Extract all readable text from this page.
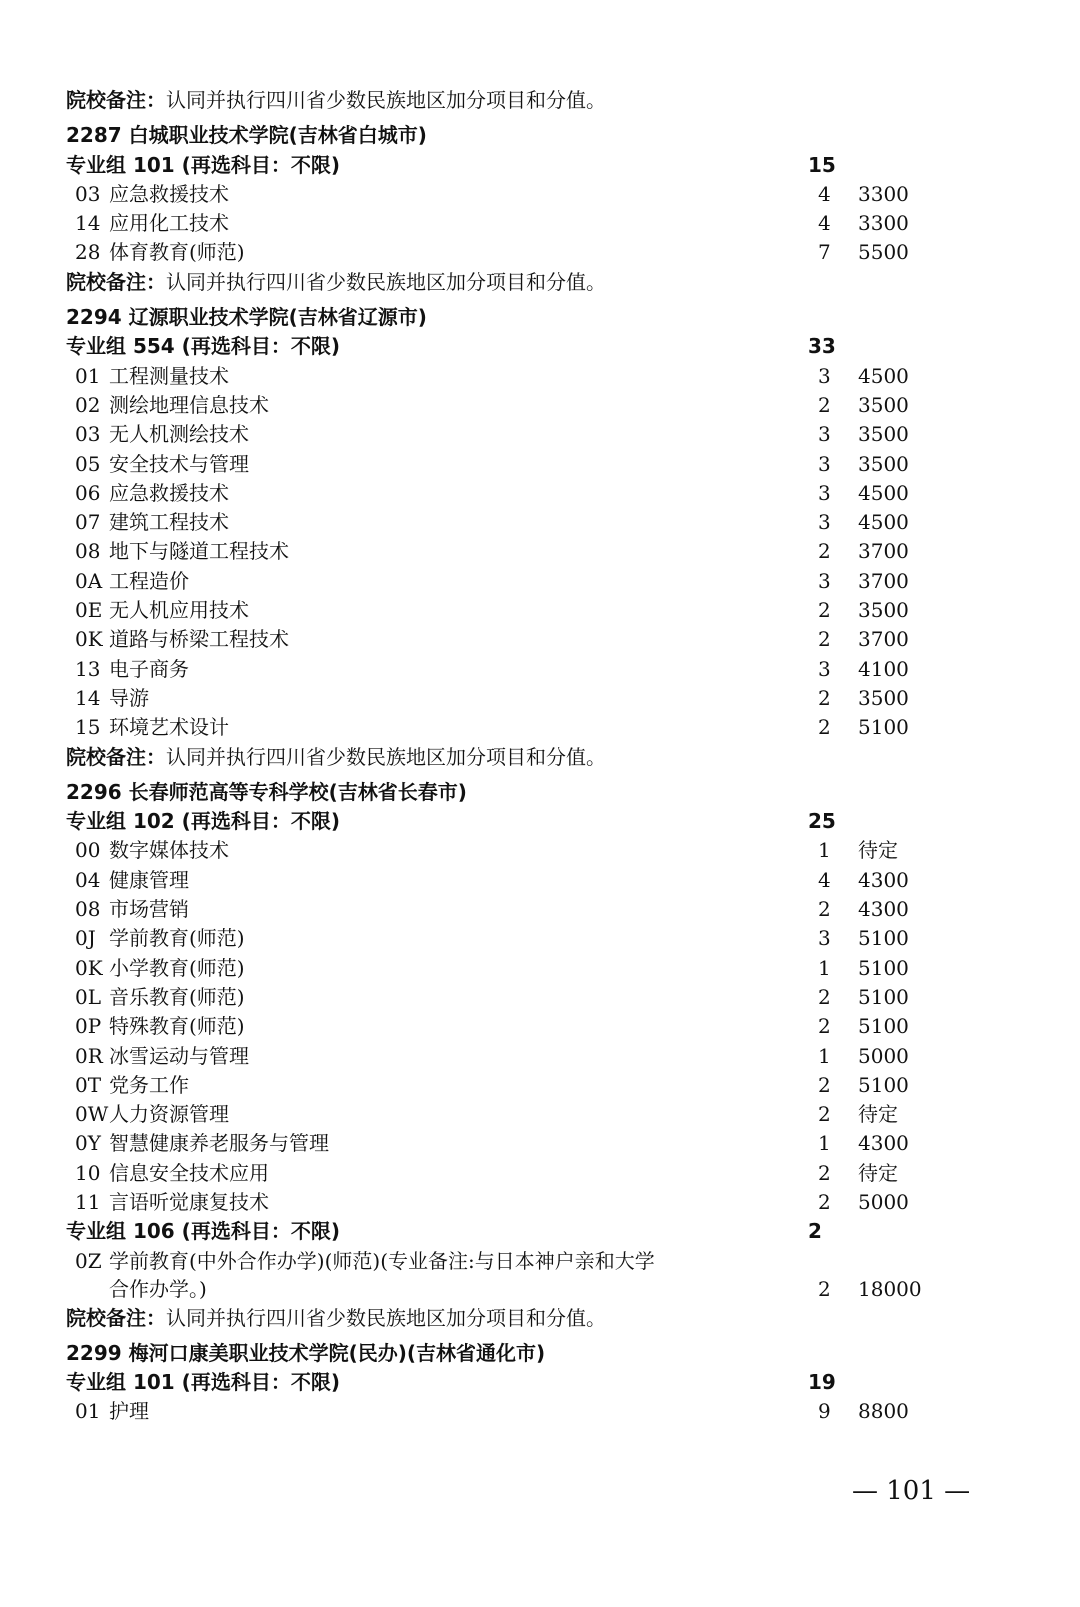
院校备注：认同并执行四川省少数民族地区加分项目和分值。
2287 白城职业技术学院(吉林省白城市)
专业组 101 (再选科目：不限)	15
03 应急救援技术	4 3300
14 应用化工技术	4 3300
28 体育教育(师范)	7 5500
院校备注：认同并执行四川省少数民族地区加分项目和分值。
2294 辽源职业技术学院(吉林省辽源市)
专业组 554 (再选科目：不限)	33
01 工程测量技术	3 4500
02 测绘地理信息技术	2 3500
03 无人机测绘技术	3 3500
05 安全技术与管理	3 3500
06 应急救援技术	3 4500
07 建筑工程技术	3 4500
08 地下与隧道工程技术	2 3700
0A 工程造价	3 3700
0E 无人机应用技术	2 3500
0K 道路与桥梁工程技术	2 3700
13 电子商务	3 4100
14 导游	2 3500
15 环境艺术设计	2 5100
院校备注：认同并执行四川省少数民族地区加分项目和分值。
2296 长春师范高等专科学校(吉林省长春市)
专业组 102 (再选科目：不限)	25
00 数字媒体技术	1 待定
04 健康管理	4 4300
08 市场营销	2 4300
0J 学前教育(师范)	3 5100
0K 小学教育(师范)	1 5100
0L 音乐教育(师范)	2 5100
0P 特殊教育(师范)	2 5100
0R 冰雪运动与管理	1 5000
0T 党务工作	2 5100
0W 人力资源管理	2 待定
0Y 智慧健康养老服务与管理	1 4300
10 信息安全技术应用	2 待定
11 言语听觉康复技术	2 5000
专业组 106 (再选科目：不限)	2
0Z 学前教育(中外合作办学)(师范)(专业备注:与日本神户亲和大学
合作办学。)	2 18000
院校备注：认同并执行四川省少数民族地区加分项目和分值。
2299 梅河口康美职业技术学院(民办)(吉林省通化市)
专业组 101 (再选科目：不限)	19
01 护理	9 8800
— 101 —
